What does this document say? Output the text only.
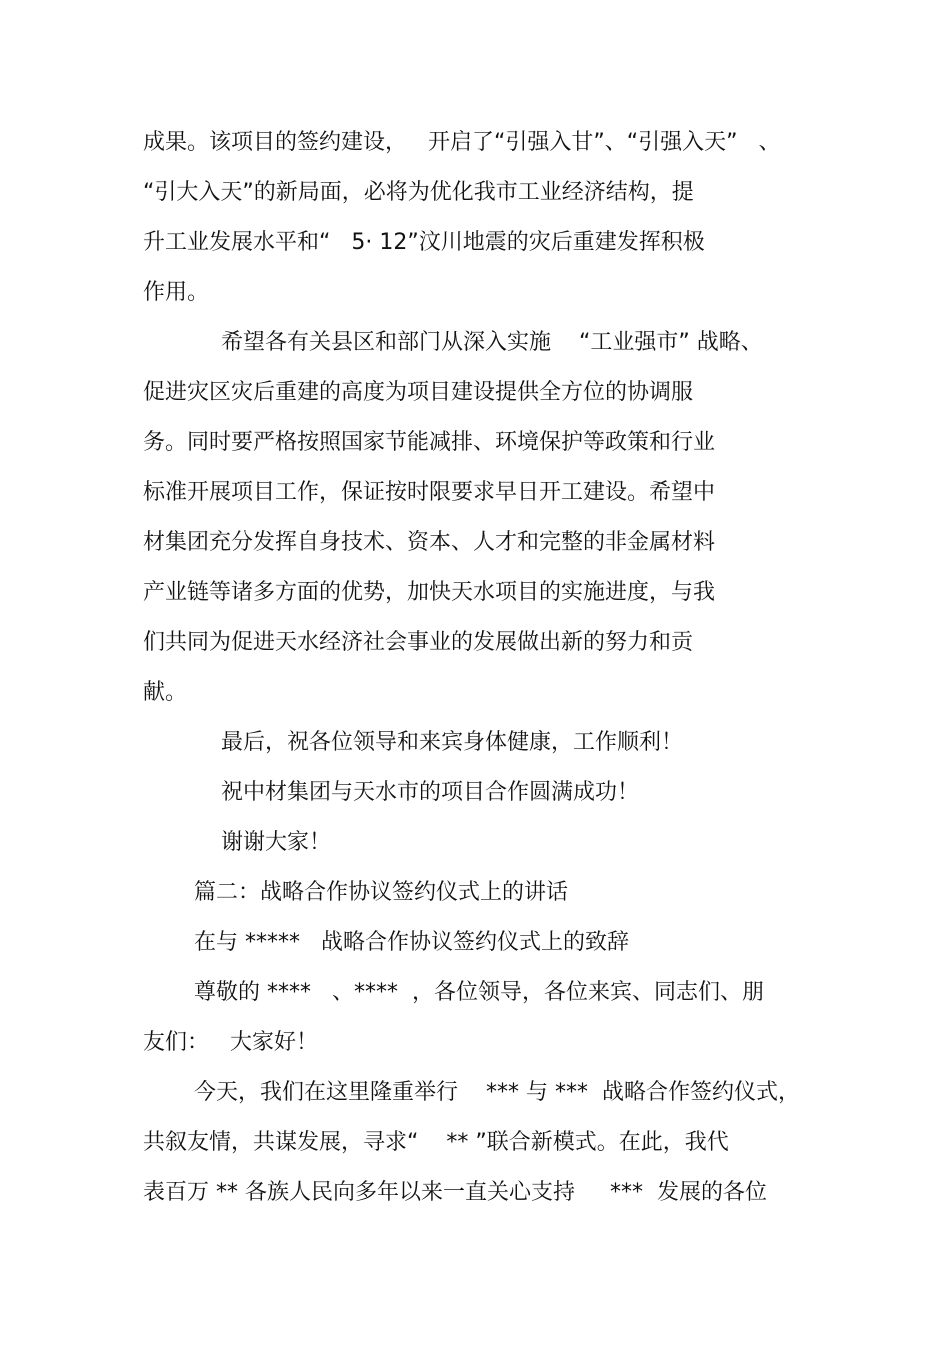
成果。该项目的签约建设，   开启了“引强入甘”、“引强入天”   、
“引大入天”的新局面，必将为优化我市工业经济结构，提
升工业发展水平和“   5· 12”汶川地震的灾后重建发挥积极
作用。
希望各有关县区和部门从深入实施    “工业强市” 战略、
促进灾区灾后重建的高度为项目建设提供全方位的协调服
务。同时要严格按照国家节能减排、环境保护等政策和行业
标准开展项目工作，保证按时限要求早日开工建设。希望中
材集团充分发挥自身技术、资本、人才和完整的非金属材料
产业链等诸多方面的优势，加快天水项目的实施进度，与我
们共同为促进天水经济社会事业的发展做出新的努力和贡
献。
最后，祝各位领导和来宾身体健康，工作顺利！
祝中材集团与天水市的项目合作圆满成功！
谢谢大家！
篇二：战略合作协议签约仪式上的讲话
在与 *****   战略合作协议签约仪式上的致辞
尊敬的 ****   、****  ，各位领导，各位来宾、同志们、朋
友们：   大家好！
今天，我们在这里隆重举行    *** 与 ***  战略合作签约仪式，
共叙友情，共谋发展，寻求“    ** ”联合新模式。在此，我代
表百万 ** 各族人民向多年以来一直关心支持     ***  发展的各位
